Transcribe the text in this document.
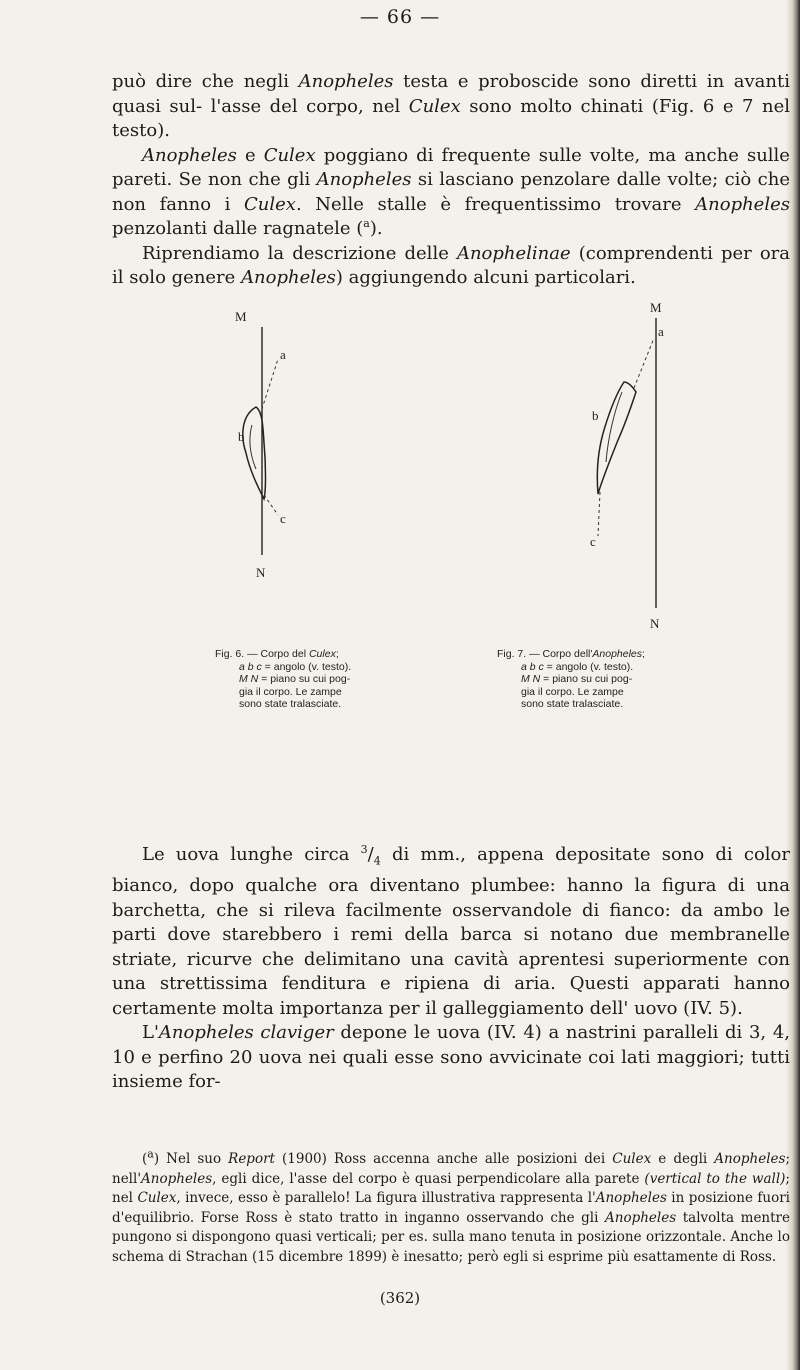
— 66 —

può dire che negli Anopheles testa e proboscide sono diretti in avanti quasi sul- l'asse del corpo, nel Culex sono molto chinati (Fig. 6 e 7 nel testo).

Anopheles e Culex poggiano di frequente sulle volte, ma anche sulle pareti. Se non che gli Anopheles si lasciano penzolare dalle volte; ciò che non fanno i Culex. Nelle stalle è frequentissimo trovare Anopheles penzolanti dalle ragnatele ($^a$).

Riprendiamo la descrizione delle Anophelinae (comprendenti per ora il solo genere Anopheles) aggiungendo alcuni particolari.

M
a
b
c
N
M
a
b
c
N
Fig. 6. — Corpo del Culex;
a b c = angolo (v. testo).
M N = piano su cui pog-
gia il corpo. Le zampe
sono state tralasciate.
Fig. 7. — Corpo dell'Anopheles;
a b c = angolo (v. testo).
M N = piano su cui pog-
gia il corpo. Le zampe
sono state tralasciate.

Le uova lunghe circa $^3/_4$ di mm., appena depositate sono di color bianco, dopo qualche ora diventano plumbee: hanno la figura di una barchetta, che si rileva facilmente osservandole di fianco: da ambo le parti dove starebbero i remi della barca si notano due membranelle striate, ricurve che delimitano una cavità aprentesi superiormente con una strettissima fenditura e ripiena di aria. Questi apparati hanno certamente molta importanza per il galleggiamento dell' uovo (IV. 5).

L'Anopheles claviger depone le uova (IV. 4) a nastrini paralleli di 3, 4, 10 e perfino 20 uova nei quali esse sono avvicinate coi lati maggiori; tutti insieme for-

($^a$) Nel suo Report (1900) Ross accenna anche alle posizioni dei Culex e degli Anopheles; nell'Anopheles, egli dice, l'asse del corpo è quasi perpendicolare alla parete (vertical to the wall); nel Culex, invece, esso è parallelo! La figura illustrativa rappresenta l'Anopheles in posizione fuori d'equilibrio. Forse Ross è stato tratto in inganno osservando che gli Anopheles talvolta mentre pungono si dispongono quasi verticali; per es. sulla mano tenuta in posizione orizzontale. Anche lo schema di Strachan (15 dicembre 1899) è inesatto; però egli si esprime più esattamente di Ross.

(362)
